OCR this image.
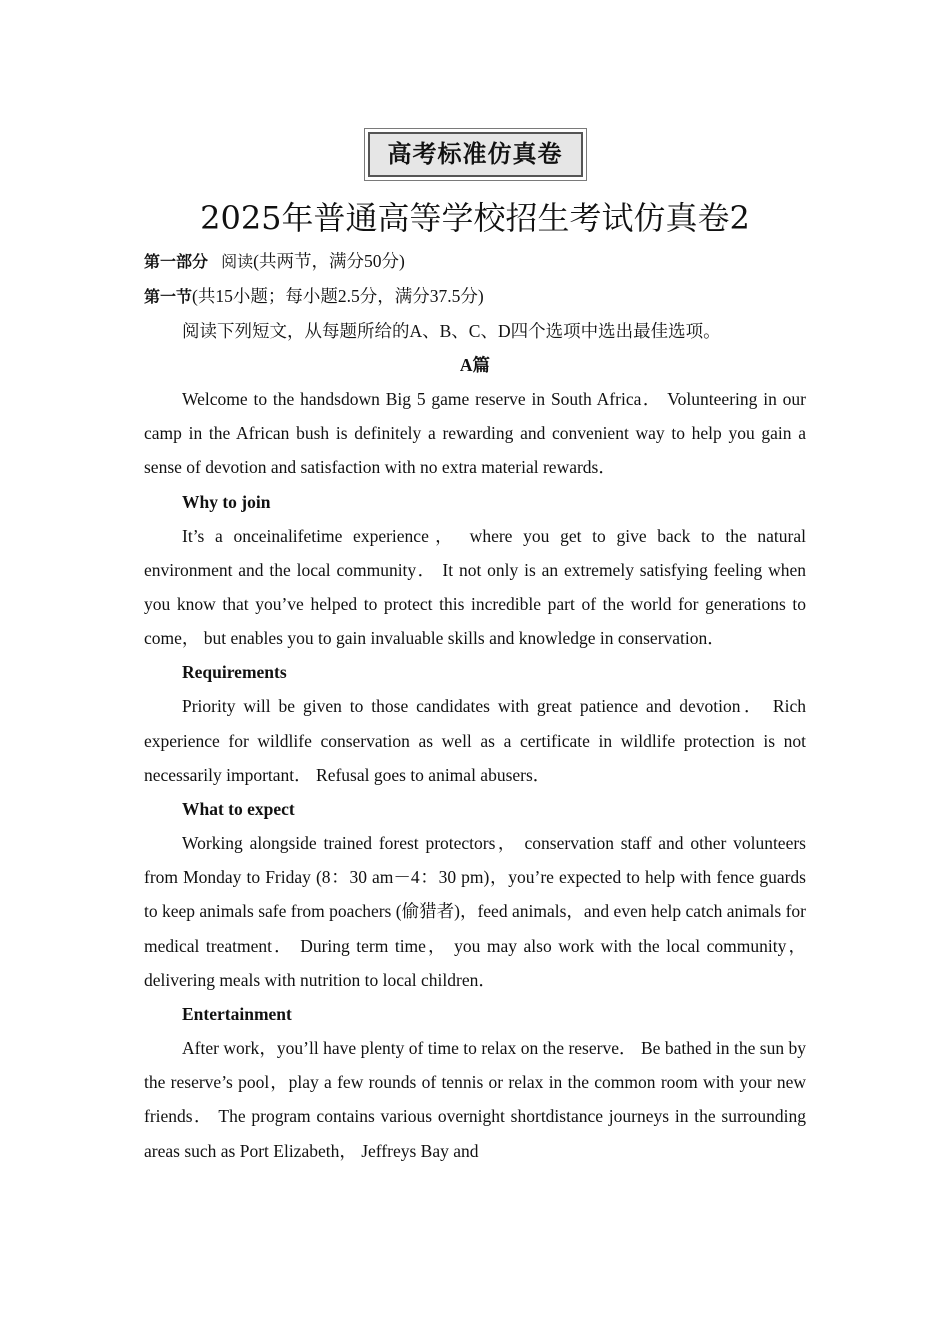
高考标准仿真卷
2025年普通高等学校招生考试仿真卷2
第一部分 阅读(共两节，满分50分)
第一节(共15小题；每小题2.5分，满分37.5分)
阅读下列短文，从每题所给的A、B、C、D四个选项中选出最佳选项。
A篇

Welcome to the handsdown Big 5 game reserve in South Africa． Volunteering in our camp in the African bush is definitely a rewarding and convenient way to help you gain a sense of devotion and satisfaction with no extra material rewards．

Why to join

It’s a onceinalifetime experience， where you get to give back to the natural environment and the local community． It not only is an extremely satisfying feeling when you know that you’ve helped to protect this incredible part of the world for generations to come， but enables you to gain invaluable skills and knowledge in conservation．

Requirements

Priority will be given to those candidates with great patience and devotion． Rich experience for wildlife conservation as well as a certificate in wildlife protection is not necessarily important． Refusal goes to animal abusers．

What to expect

Working alongside trained forest protectors， conservation staff and other volunteers from Monday to Friday (8：30 am－4：30 pm)，you’re expected to help with fence guards to keep animals safe from poachers (偷猎者)，feed animals，and even help catch animals for medical treatment． During term time， you may also work with the local community，delivering meals with nutrition to local children．

Entertainment

After work，you’ll have plenty of time to relax on the reserve． Be bathed in the sun by the reserve’s pool，play a few rounds of tennis or relax in the common room with your new friends． The program contains various overnight shortdistance journeys in the surrounding areas such as Port Elizabeth， Jeffreys Bay and
